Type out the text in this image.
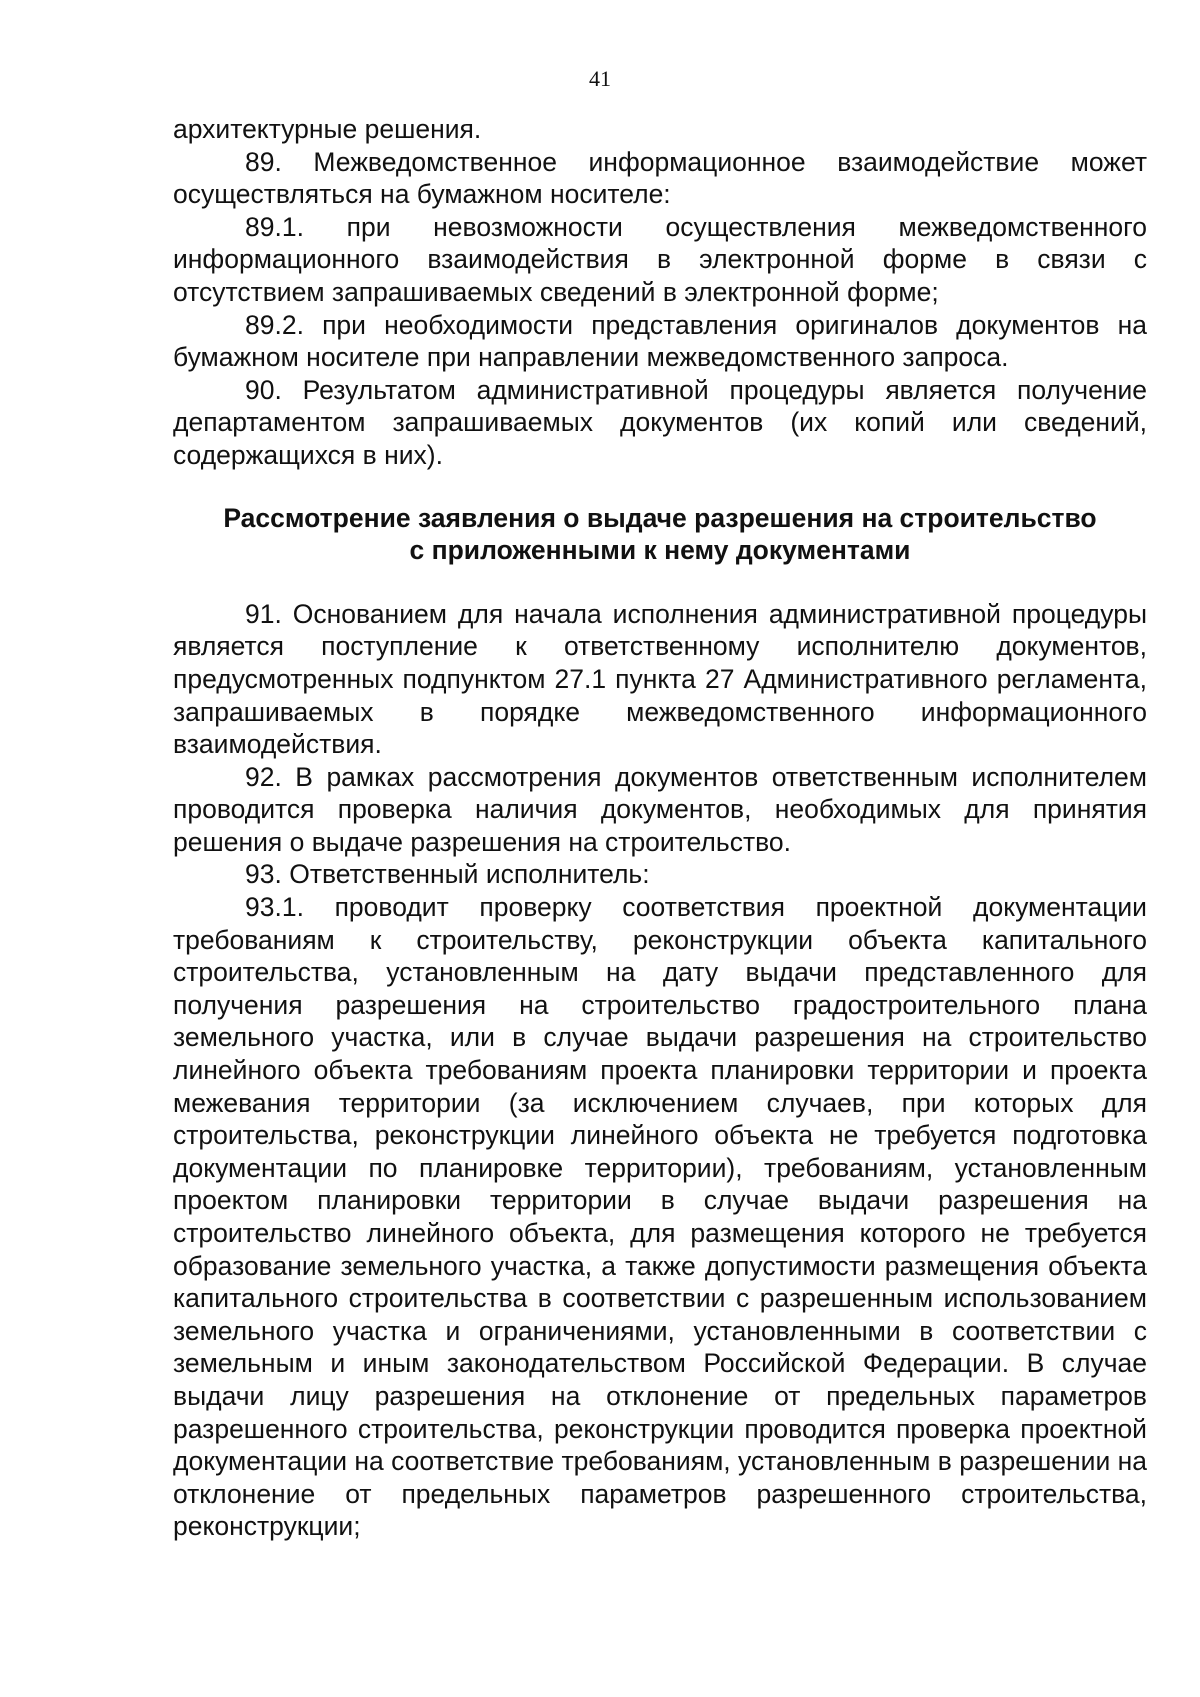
41

архитектурные решения.

89. Межведомственное информационное взаимодействие может осуществляться на бумажном носителе:

89.1. при невозможности осуществления межведомственного информационного взаимодействия в электронной форме в связи с отсутствием запрашиваемых сведений в электронной форме;

89.2. при необходимости представления оригиналов документов на бумажном носителе при направлении межведомственного запроса.

90. Результатом административной процедуры является получение департаментом запрашиваемых документов (их копий или сведений, содержащихся в них).

Рассмотрение заявления о выдаче разрешения на строительство
с приложенными к нему документами

91. Основанием для начала исполнения административной процедуры является поступление к ответственному исполнителю документов, предусмотренных подпунктом 27.1 пункта 27 Административного регламента, запрашиваемых в порядке межведомственного информационного взаимодействия.

92. В рамках рассмотрения документов ответственным исполнителем проводится проверка наличия документов, необходимых для принятия решения о выдаче разрешения на строительство.

93. Ответственный исполнитель:

93.1. проводит проверку соответствия проектной документации требованиям к строительству, реконструкции объекта капитального строительства, установленным на дату выдачи представленного для получения разрешения на строительство градостроительного плана земельного участка, или в случае выдачи разрешения на строительство линейного объекта требованиям проекта планировки территории и проекта межевания территории (за исключением случаев, при которых для строительства, реконструкции линейного объекта не требуется подготовка документации по планировке территории), требованиям, установленным проектом планировки территории в случае выдачи разрешения на строительство линейного объекта, для размещения которого не требуется образование земельного участка, а также допустимости размещения объекта капитального строительства в соответствии с разрешенным использованием земельного участка и ограничениями, установленными в соответствии с земельным и иным законодательством Российской Федерации. В случае выдачи лицу разрешения на отклонение от предельных параметров разрешенного строительства, реконструкции проводится проверка проектной документации на соответствие требованиям, установленным в разрешении на отклонение от предельных параметров разрешенного строительства, реконструкции;
